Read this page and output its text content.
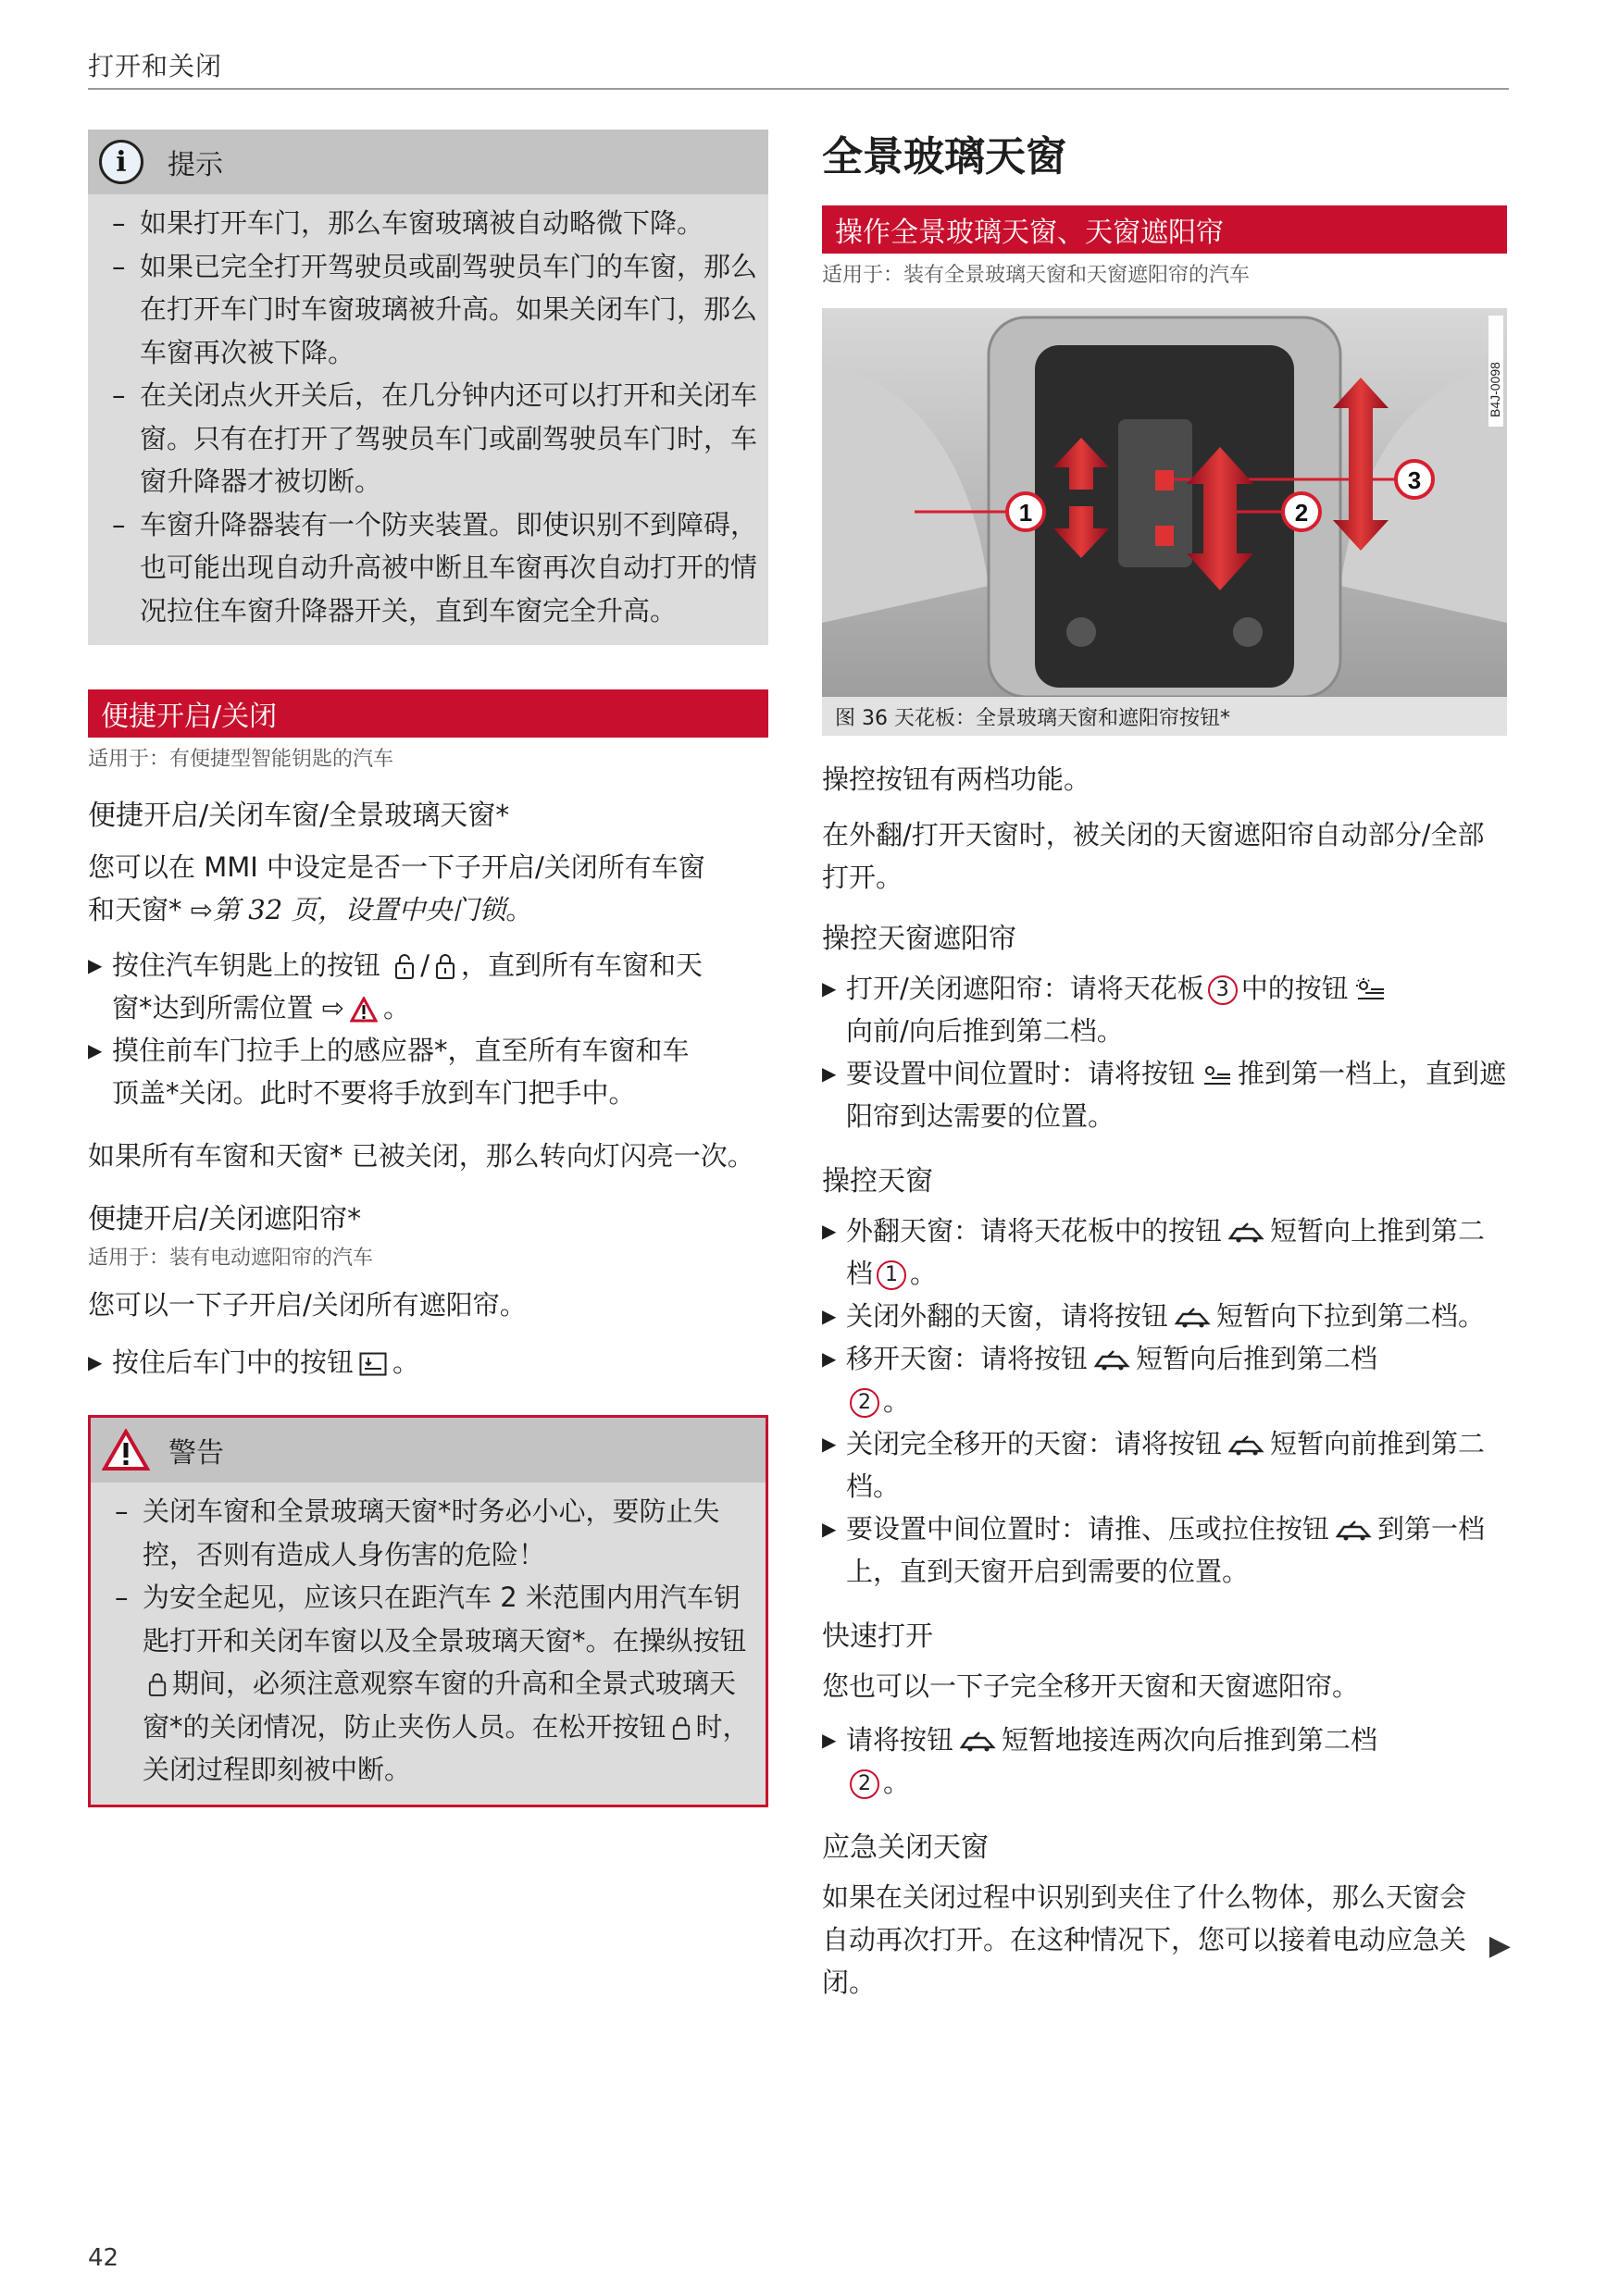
打开和关闭
i	提示
– 如果打开车门，那么车窗玻璃被自动略微下降。
– 如果已完全打开驾驶员或副驾驶员车门的车窗，那么在打开车门时车窗玻璃被升高。如果关闭车门，那么车窗再次被下降。
– 在关闭点火开关后，在几分钟内还可以打开和关闭车窗。只有在打开了驾驶员车门或副驾驶员车门时，车窗升降器才被切断。
– 车窗升降器装有一个防夹装置。即使识别不到障碍，也可能出现自动升高被中断且车窗再次自动打开的情况拉住车窗升降器开关，直到车窗完全升高。
便捷开启/关闭
适用于：有便捷型智能钥匙的汽车
便捷开启/关闭车窗/全景玻璃天窗*

您可以在 MMI 中设定是否一下子开启/关闭所有车窗
和天窗* ⇨第 32 页，设置中央门锁。

▶ 按住汽车钥匙上的按钮 / ，直到所有车窗和天
窗*达到所需位置 ⇨ 。
▶ 摸住前车门拉手上的感应器*，直至所有车窗和车
顶盖*关闭。此时不要将手放到车门把手中。

如果所有车窗和天窗* 已被关闭，那么转向灯闪亮一次。

便捷开启/关闭遮阳帘*
适用于：装有电动遮阳帘的汽车

您可以一下子开启/关闭所有遮阳帘。

▶ 按住后车门中的按钮 。
警告
– 关闭车窗和全景玻璃天窗*时务必小心，要防止失控，否则有造成人身伤害的危险！
– 为安全起见，应该只在距汽车 2 米范围内用汽车钥匙打开和关闭车窗以及全景玻璃天窗*。在操纵按钮期间，必须注意观察车窗的升高和全景式玻璃天窗*的关闭情况，防止夹伤人员。在松开按钮 时，关闭过程即刻被中断。
全景玻璃天窗
操作全景玻璃天窗、天窗遮阳帘
适用于：装有全景玻璃天窗和天窗遮阳帘的汽车
B4J-0098
1	2
3
图 36 天花板：全景玻璃天窗和遮阳帘按钮*

操控按钮有两档功能。

在外翻/打开天窗时，被关闭的天窗遮阳帘自动部分/全部打开。

操控天窗遮阳帘
▶ 打开/关闭遮阳帘：请将天花板 3 中的按钮
向前/向后推到第二档。
▶ 要设置中间位置时：请将按钮 推到第一档上，直到遮阳帘到达需要的位置。
操控天窗
▶ 外翻天窗：请将天花板中的按钮 短暂向上推到第二档 1 。
▶ 关闭外翻的天窗，请将按钮 短暂向下拉到第二档。
▶ 移开天窗：请将按钮 短暂向后推到第二档
2 。
▶ 关闭完全移开的天窗：请将按钮 短暂向前推到第二档。
▶ 要设置中间位置时：请推、压或拉住按钮 到第一档上，直到天窗开启到需要的位置。
快速打开

您也可以一下子完全移开天窗和天窗遮阳帘。

▶ 请将按钮 短暂地接连两次向后推到第二档
2 。
应急关闭天窗

如果在关闭过程中识别到夹住了什么物体，那么天窗会自动再次打开。在这种情况下，您可以接着电动应急关闭。

▶
42
